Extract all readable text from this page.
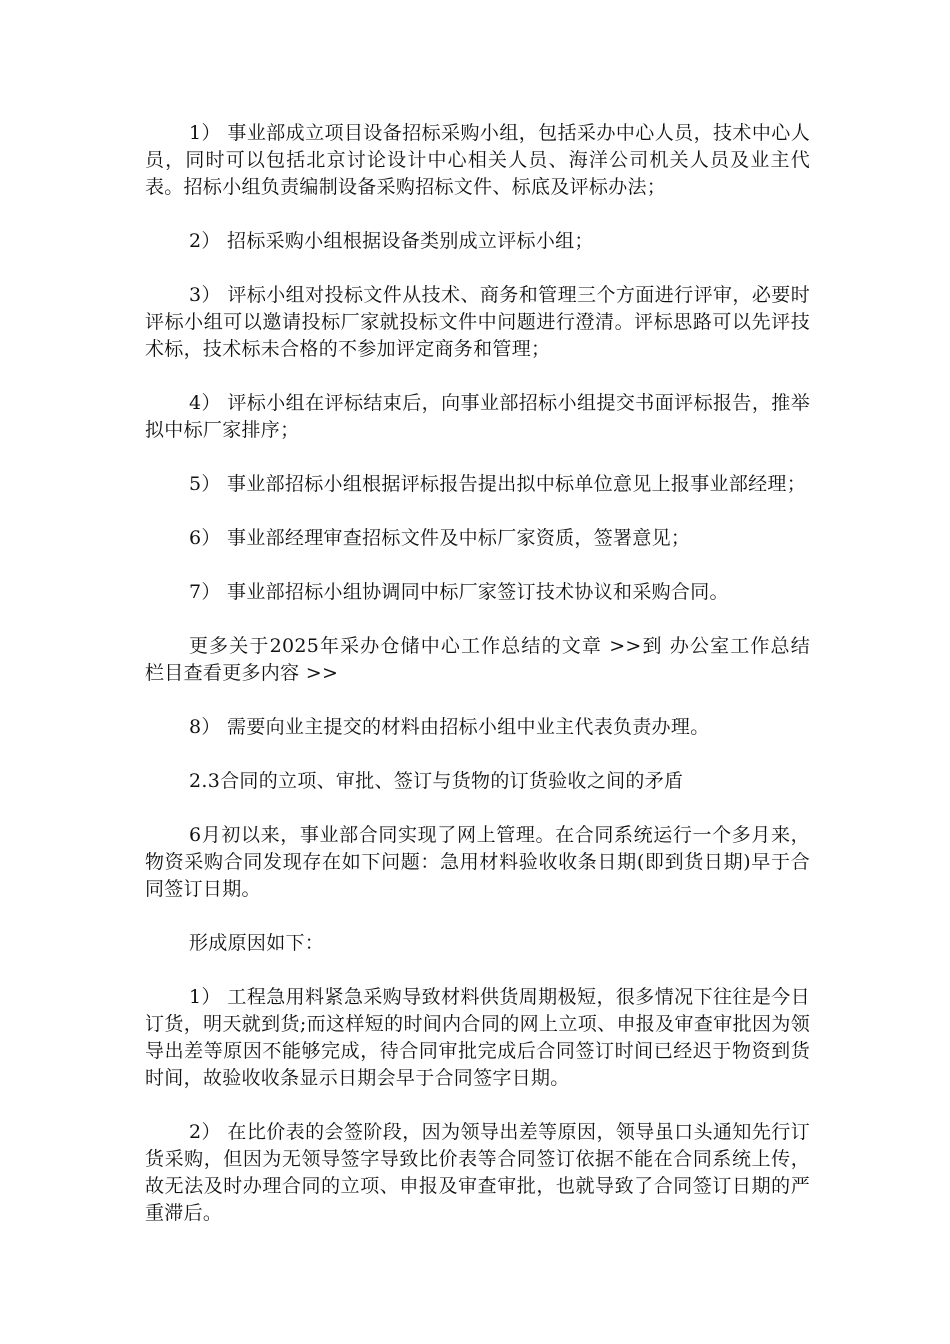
1） 事业部成立项目设备招标采购小组，包括采办中心人员，技术中心人员，同时可以包括北京讨论设计中心相关人员、海洋公司机关人员及业主代表。招标小组负责编制设备采购招标文件、标底及评标办法；

2） 招标采购小组根据设备类别成立评标小组；

3） 评标小组对投标文件从技术、商务和管理三个方面进行评审，必要时评标小组可以邀请投标厂家就投标文件中问题进行澄清。评标思路可以先评技术标，技术标未合格的不参加评定商务和管理；

4） 评标小组在评标结束后，向事业部招标小组提交书面评标报告，推举拟中标厂家排序；

5） 事业部招标小组根据评标报告提出拟中标单位意见上报事业部经理；

6） 事业部经理审查招标文件及中标厂家资质，签署意见；

7） 事业部招标小组协调同中标厂家签订技术协议和采购合同。

更多关于2025年采办仓储中心工作总结的文章 >>到 办公室工作总结 栏目查看更多内容 >>

8） 需要向业主提交的材料由招标小组中业主代表负责办理。

2.3合同的立项、审批、签订与货物的订货验收之间的矛盾

6月初以来，事业部合同实现了网上管理。在合同系统运行一个多月来，物资采购合同发现存在如下问题：急用材料验收收条日期(即到货日期)早于合同签订日期。

形成原因如下：

1） 工程急用料紧急采购导致材料供货周期极短，很多情况下往往是今日订货，明天就到货;而这样短的时间内合同的网上立项、申报及审查审批因为领导出差等原因不能够完成，待合同审批完成后合同签订时间已经迟于物资到货时间，故验收收条显示日期会早于合同签字日期。

2） 在比价表的会签阶段，因为领导出差等原因，领导虽口头通知先行订货采购，但因为无领导签字导致比价表等合同签订依据不能在合同系统上传，故无法及时办理合同的立项、申报及审查审批，也就导致了合同签订日期的严重滞后。
